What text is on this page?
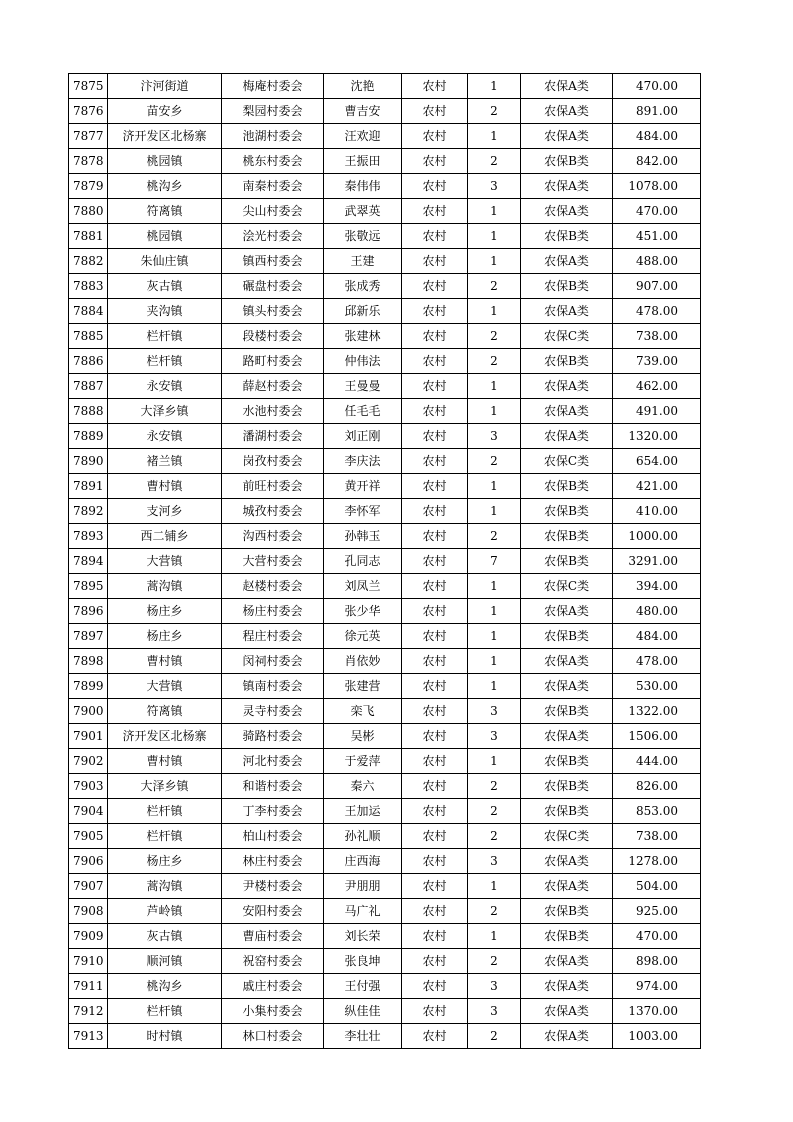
7875	汴河街道	梅庵村委会	沈艳	农村	1	农保A类	470.00
7876	苗安乡	梨园村委会	曹吉安	农村	2	农保A类	891.00
7877	济开发区北杨寨	池湖村委会	汪欢迎	农村	1	农保A类	484.00
7878	桃园镇	桃东村委会	王振田	农村	2	农保B类	842.00
7879	桃沟乡	南秦村委会	秦伟伟	农村	3	农保A类	1078.00
7880	符离镇	尖山村委会	武翠英	农村	1	农保A类	470.00
7881	桃园镇	浍光村委会	张敬远	农村	1	农保B类	451.00
7882	朱仙庄镇	镇西村委会	王建	农村	1	农保A类	488.00
7883	灰古镇	碾盘村委会	张成秀	农村	2	农保B类	907.00
7884	夹沟镇	镇头村委会	邱新乐	农村	1	农保A类	478.00
7885	栏杆镇	段楼村委会	张建林	农村	2	农保C类	738.00
7886	栏杆镇	路町村委会	仲伟法	农村	2	农保B类	739.00
7887	永安镇	薛赵村委会	王曼曼	农村	1	农保A类	462.00
7888	大泽乡镇	水池村委会	任毛毛	农村	1	农保A类	491.00
7889	永安镇	潘湖村委会	刘正刚	农村	3	农保A类	1320.00
7890	褚兰镇	岗孜村委会	李庆法	农村	2	农保C类	654.00
7891	曹村镇	前旺村委会	黄开祥	农村	1	农保B类	421.00
7892	支河乡	城孜村委会	李怀军	农村	1	农保B类	410.00
7893	西二铺乡	沟西村委会	孙韩玉	农村	2	农保B类	1000.00
7894	大营镇	大营村委会	孔同志	农村	7	农保B类	3291.00
7895	蒿沟镇	赵楼村委会	刘凤兰	农村	1	农保C类	394.00
7896	杨庄乡	杨庄村委会	张少华	农村	1	农保A类	480.00
7897	杨庄乡	程庄村委会	徐元英	农村	1	农保B类	484.00
7898	曹村镇	闵祠村委会	肖依妙	农村	1	农保A类	478.00
7899	大营镇	镇南村委会	张建营	农村	1	农保A类	530.00
7900	符离镇	灵寺村委会	栾飞	农村	3	农保B类	1322.00
7901	济开发区北杨寨	骑路村委会	吴彬	农村	3	农保A类	1506.00
7902	曹村镇	河北村委会	于爱萍	农村	1	农保B类	444.00
7903	大泽乡镇	和谐村委会	秦六	农村	2	农保B类	826.00
7904	栏杆镇	丁李村委会	王加运	农村	2	农保B类	853.00
7905	栏杆镇	柏山村委会	孙礼顺	农村	2	农保C类	738.00
7906	杨庄乡	林庄村委会	庄西海	农村	3	农保A类	1278.00
7907	蒿沟镇	尹楼村委会	尹朋朋	农村	1	农保A类	504.00
7908	芦岭镇	安阳村委会	马广礼	农村	2	农保B类	925.00
7909	灰古镇	曹庙村委会	刘长荣	农村	1	农保B类	470.00
7910	顺河镇	祝窑村委会	张良坤	农村	2	农保A类	898.00
7911	桃沟乡	戚庄村委会	王付强	农村	3	农保A类	974.00
7912	栏杆镇	小集村委会	纵佳佳	农村	3	农保A类	1370.00
7913	时村镇	林口村委会	李壮壮	农村	2	农保A类	1003.00
